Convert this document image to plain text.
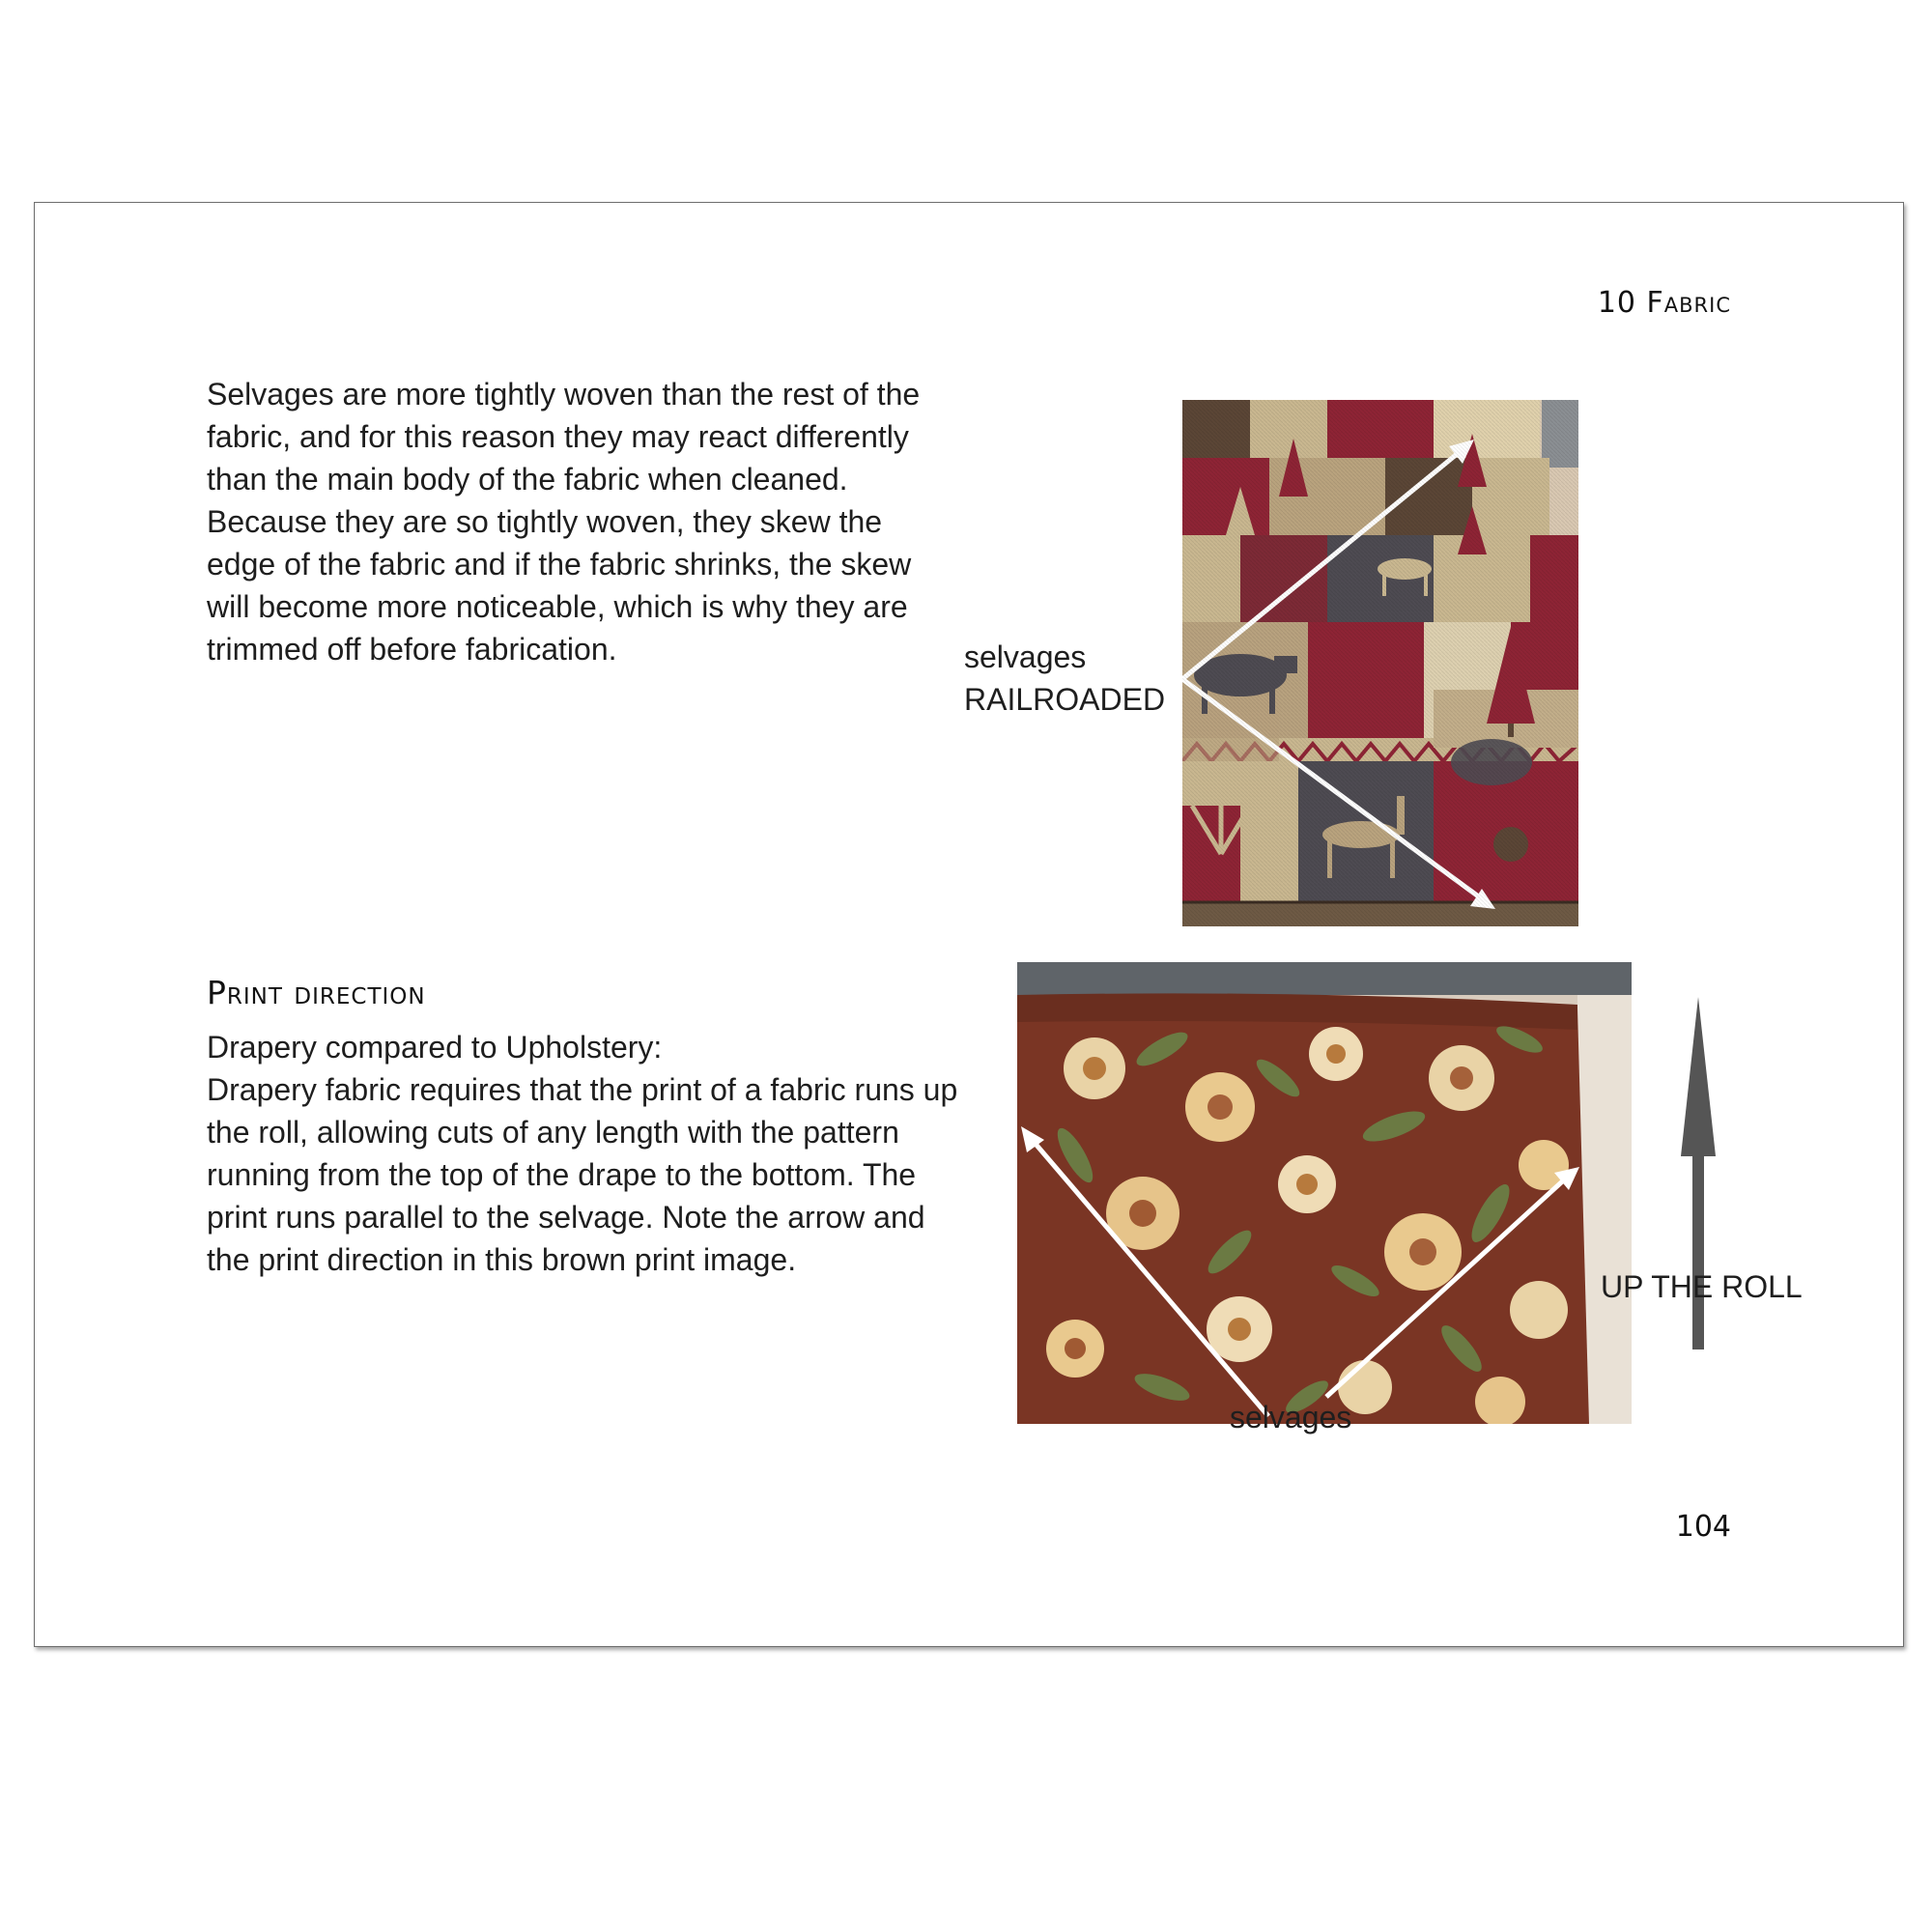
10 Fabric

Selvages are more tightly woven than the rest of the fabric, and for this reason they may react differently than the main body of the fabric when cleaned. Because they are so tightly woven, they skew the edge of the fabric and if the fabric shrinks, the skew will become more noticeable, which is why they are trimmed off before fabrication.	selvages
RAILROADED
Print direction
Drapery compared to Upholstery:
Drapery fabric requires that the print of a fabric runs up the roll, allowing cuts of any length with the pattern running from the top of the drape to the bottom. The print runs parallel to the selvage. Note the arrow and the print direction in this brown print image.
selvages
UP THE ROLL
104
